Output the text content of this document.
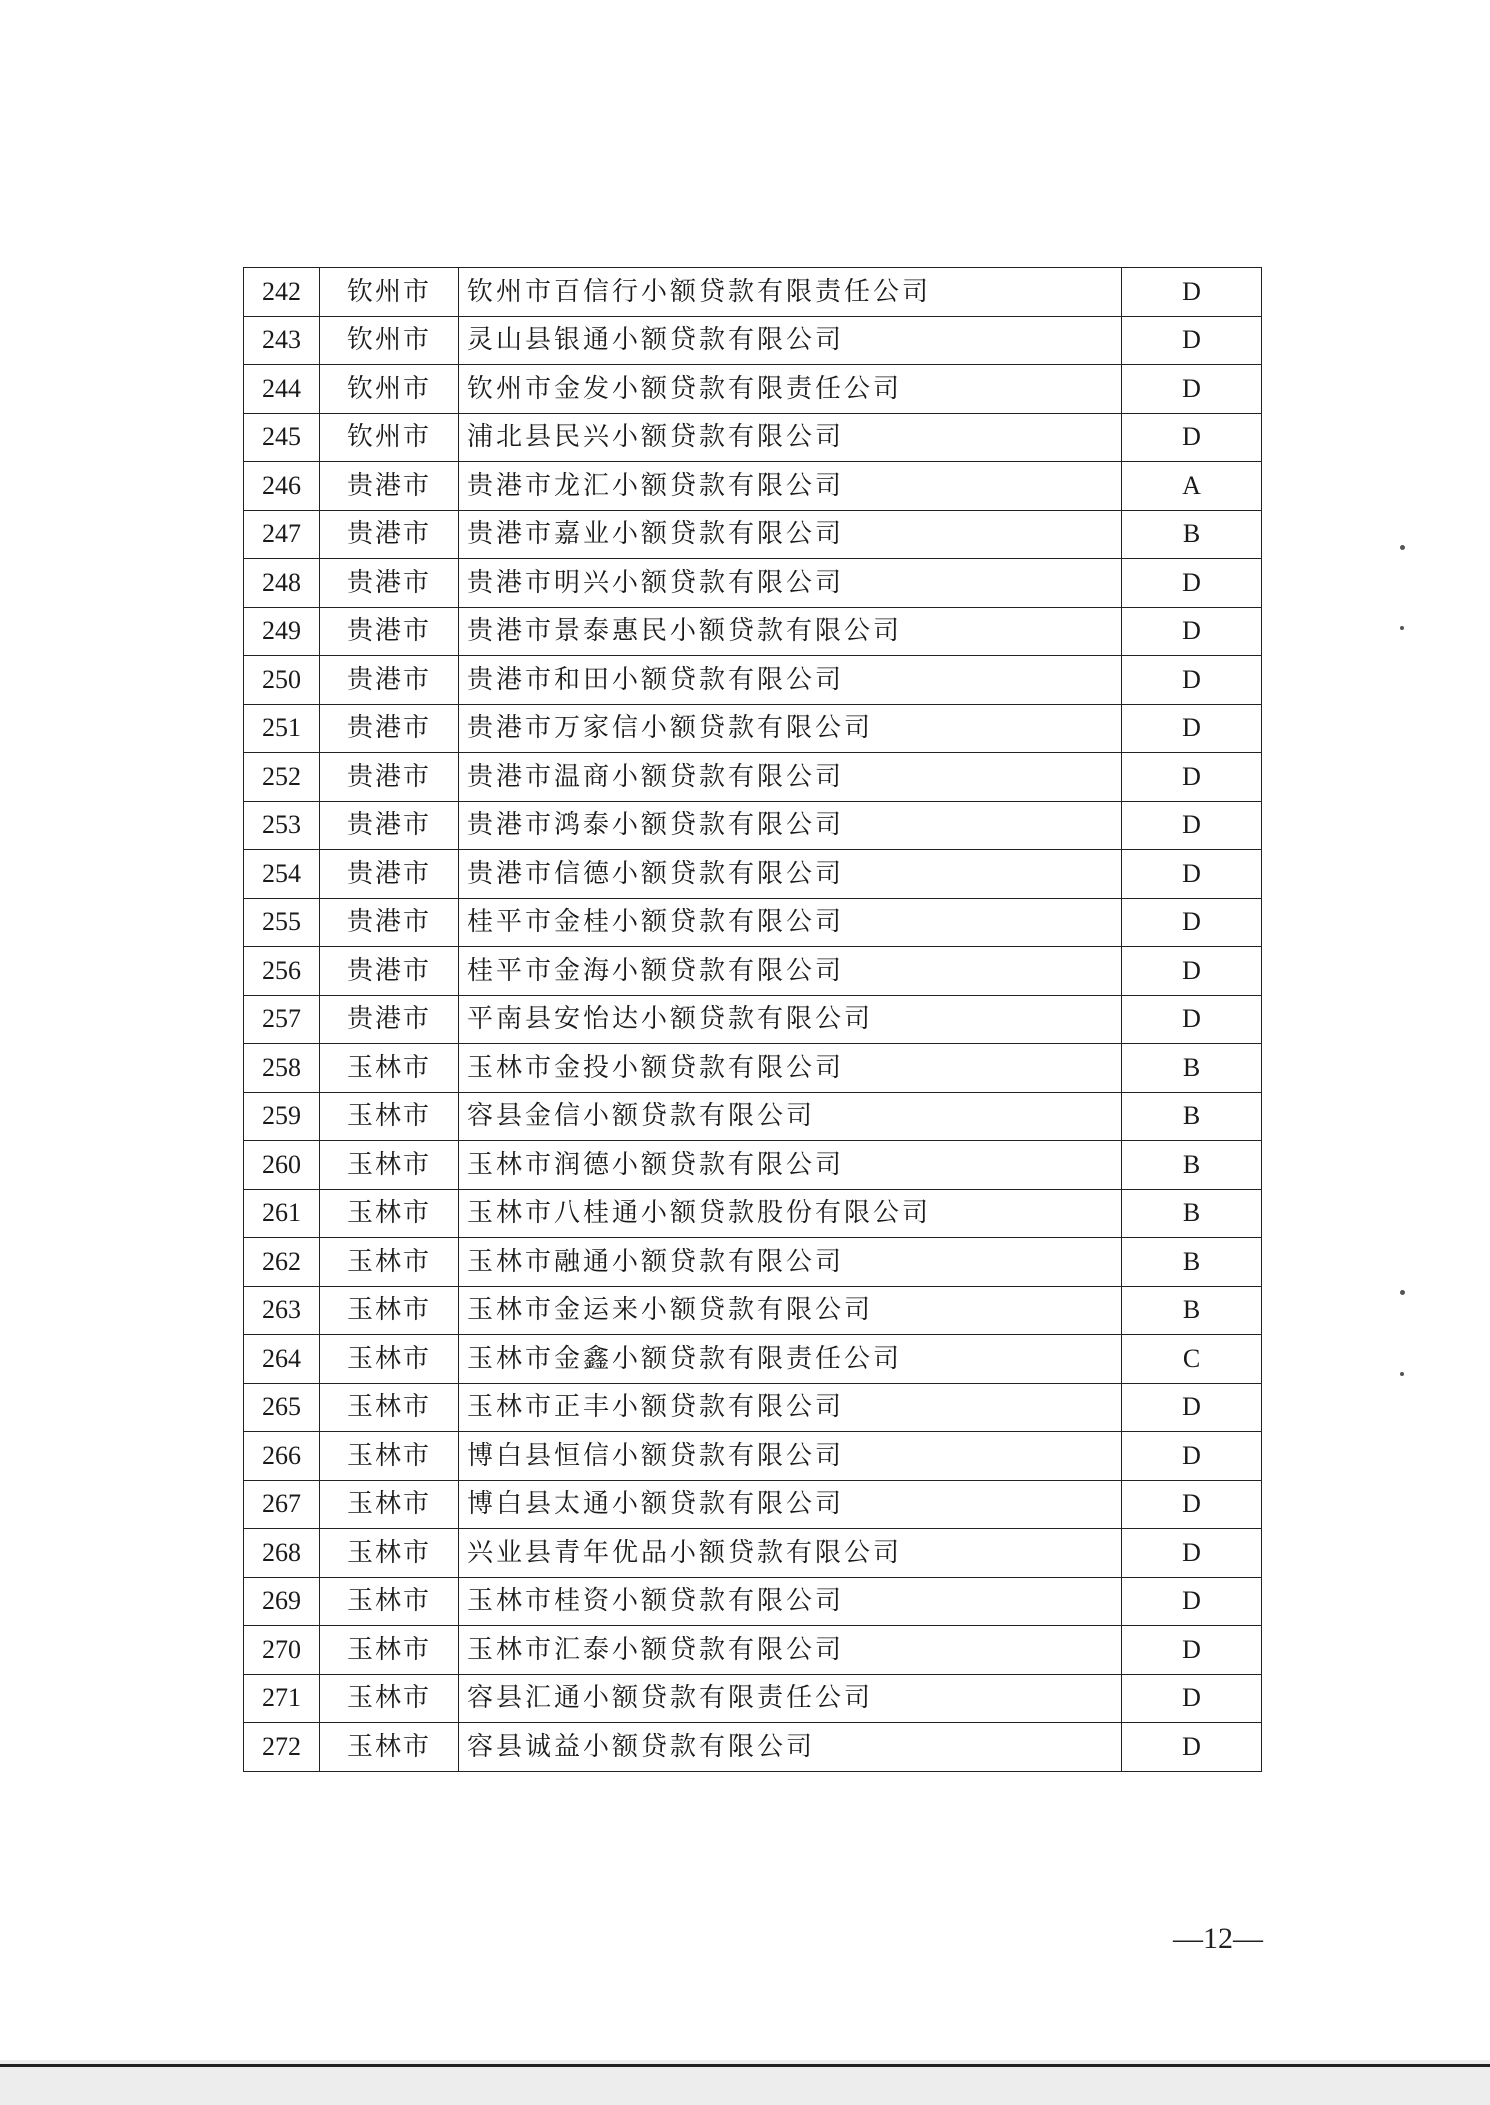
242	钦州市	钦州市百信行小额贷款有限责任公司	D
243	钦州市	灵山县银通小额贷款有限公司	D
244	钦州市	钦州市金发小额贷款有限责任公司	D
245	钦州市	浦北县民兴小额贷款有限公司	D
246	贵港市	贵港市龙汇小额贷款有限公司	A
247	贵港市	贵港市嘉业小额贷款有限公司	B
248	贵港市	贵港市明兴小额贷款有限公司	D
249	贵港市	贵港市景泰惠民小额贷款有限公司	D
250	贵港市	贵港市和田小额贷款有限公司	D
251	贵港市	贵港市万家信小额贷款有限公司	D
252	贵港市	贵港市温商小额贷款有限公司	D
253	贵港市	贵港市鸿泰小额贷款有限公司	D
254	贵港市	贵港市信德小额贷款有限公司	D
255	贵港市	桂平市金桂小额贷款有限公司	D
256	贵港市	桂平市金海小额贷款有限公司	D
257	贵港市	平南县安怡达小额贷款有限公司	D
258	玉林市	玉林市金投小额贷款有限公司	B
259	玉林市	容县金信小额贷款有限公司	B
260	玉林市	玉林市润德小额贷款有限公司	B
261	玉林市	玉林市八桂通小额贷款股份有限公司	B
262	玉林市	玉林市融通小额贷款有限公司	B
263	玉林市	玉林市金运来小额贷款有限公司	B
264	玉林市	玉林市金鑫小额贷款有限责任公司	C
265	玉林市	玉林市正丰小额贷款有限公司	D
266	玉林市	博白县恒信小额贷款有限公司	D
267	玉林市	博白县太通小额贷款有限公司	D
268	玉林市	兴业县青年优品小额贷款有限公司	D
269	玉林市	玉林市桂资小额贷款有限公司	D
270	玉林市	玉林市汇泰小额贷款有限公司	D
271	玉林市	容县汇通小额贷款有限责任公司	D
272	玉林市	容县诚益小额贷款有限公司	D
—12—
